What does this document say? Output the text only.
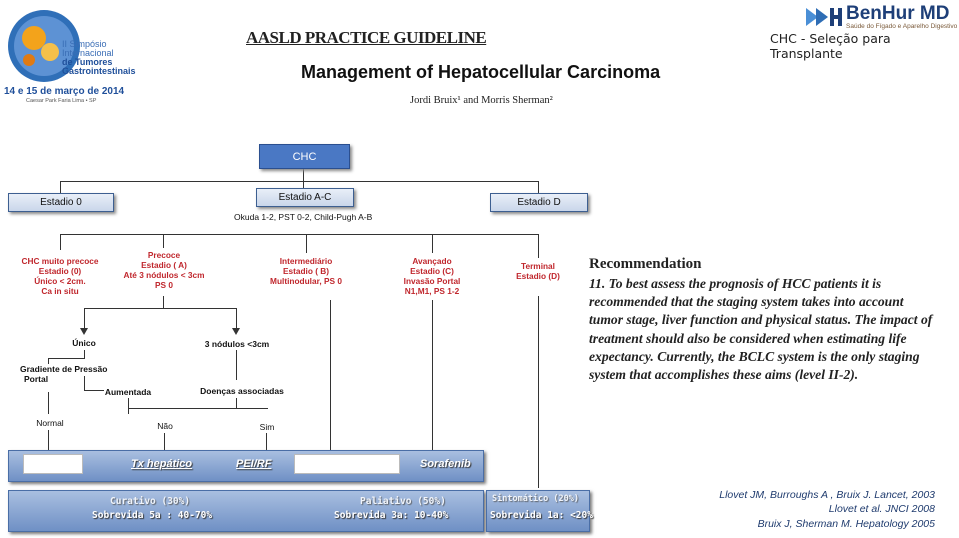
II Simpósio
Internacional
de Tumores
Gastrointestinais
14 e 15 de março de 2014
Caesar Park Faria Lima • SP
AASLD PRACTICE GUIDELINE
Management of Hepatocellular Carcinoma
Jordi Bruix¹ and Morris Sherman²
BenHur MD
Saúde do Fígado e Aparelho Digestivo
CHC - Seleção para Transplante
CHC
Estadio 0	Estadio A-C	Estadio D
Okuda 1-2, PST 0-2, Child-Pugh A-B
CHC muito precoce
Estadio (0)
Único < 2cm.
Ca in situ
Precoce
Estadio ( A)
Até 3 nódulos < 3cm
PS 0
Intermediário
Estadio ( B)
Multinodular, PS 0
Avançado
Estadio (C)
Invasão Portal
N1,M1, PS 1-2
Terminal
Estadio (D)
Único	3 nódulos <3cm
Gradiente de Pressão
Portal
Aumentada	Doenças associadas
Normal	Não	Sim
Tx hepático	PEI/RF	Sorafenib
Curativo (30%)
Sobrevida 5a : 40-70%
Paliativo (50%)
Sobrevida 3a: 10-40%
Sintomático (20%)
Sobrevida 1a: <20%
Recommendation
11. To best assess the prognosis of HCC patients it is recommended that the staging system takes into account tumor stage, liver function and physical status. The impact of treatment should also be considered when estimating life expectancy. Currently, the BCLC system is the only staging system that accomplishes these aims (level II-2).
Llovet JM, Burroughs A , Bruix J. Lancet, 2003
Llovet et al. JNCI 2008
Bruix J, Sherman M. Hepatology 2005
